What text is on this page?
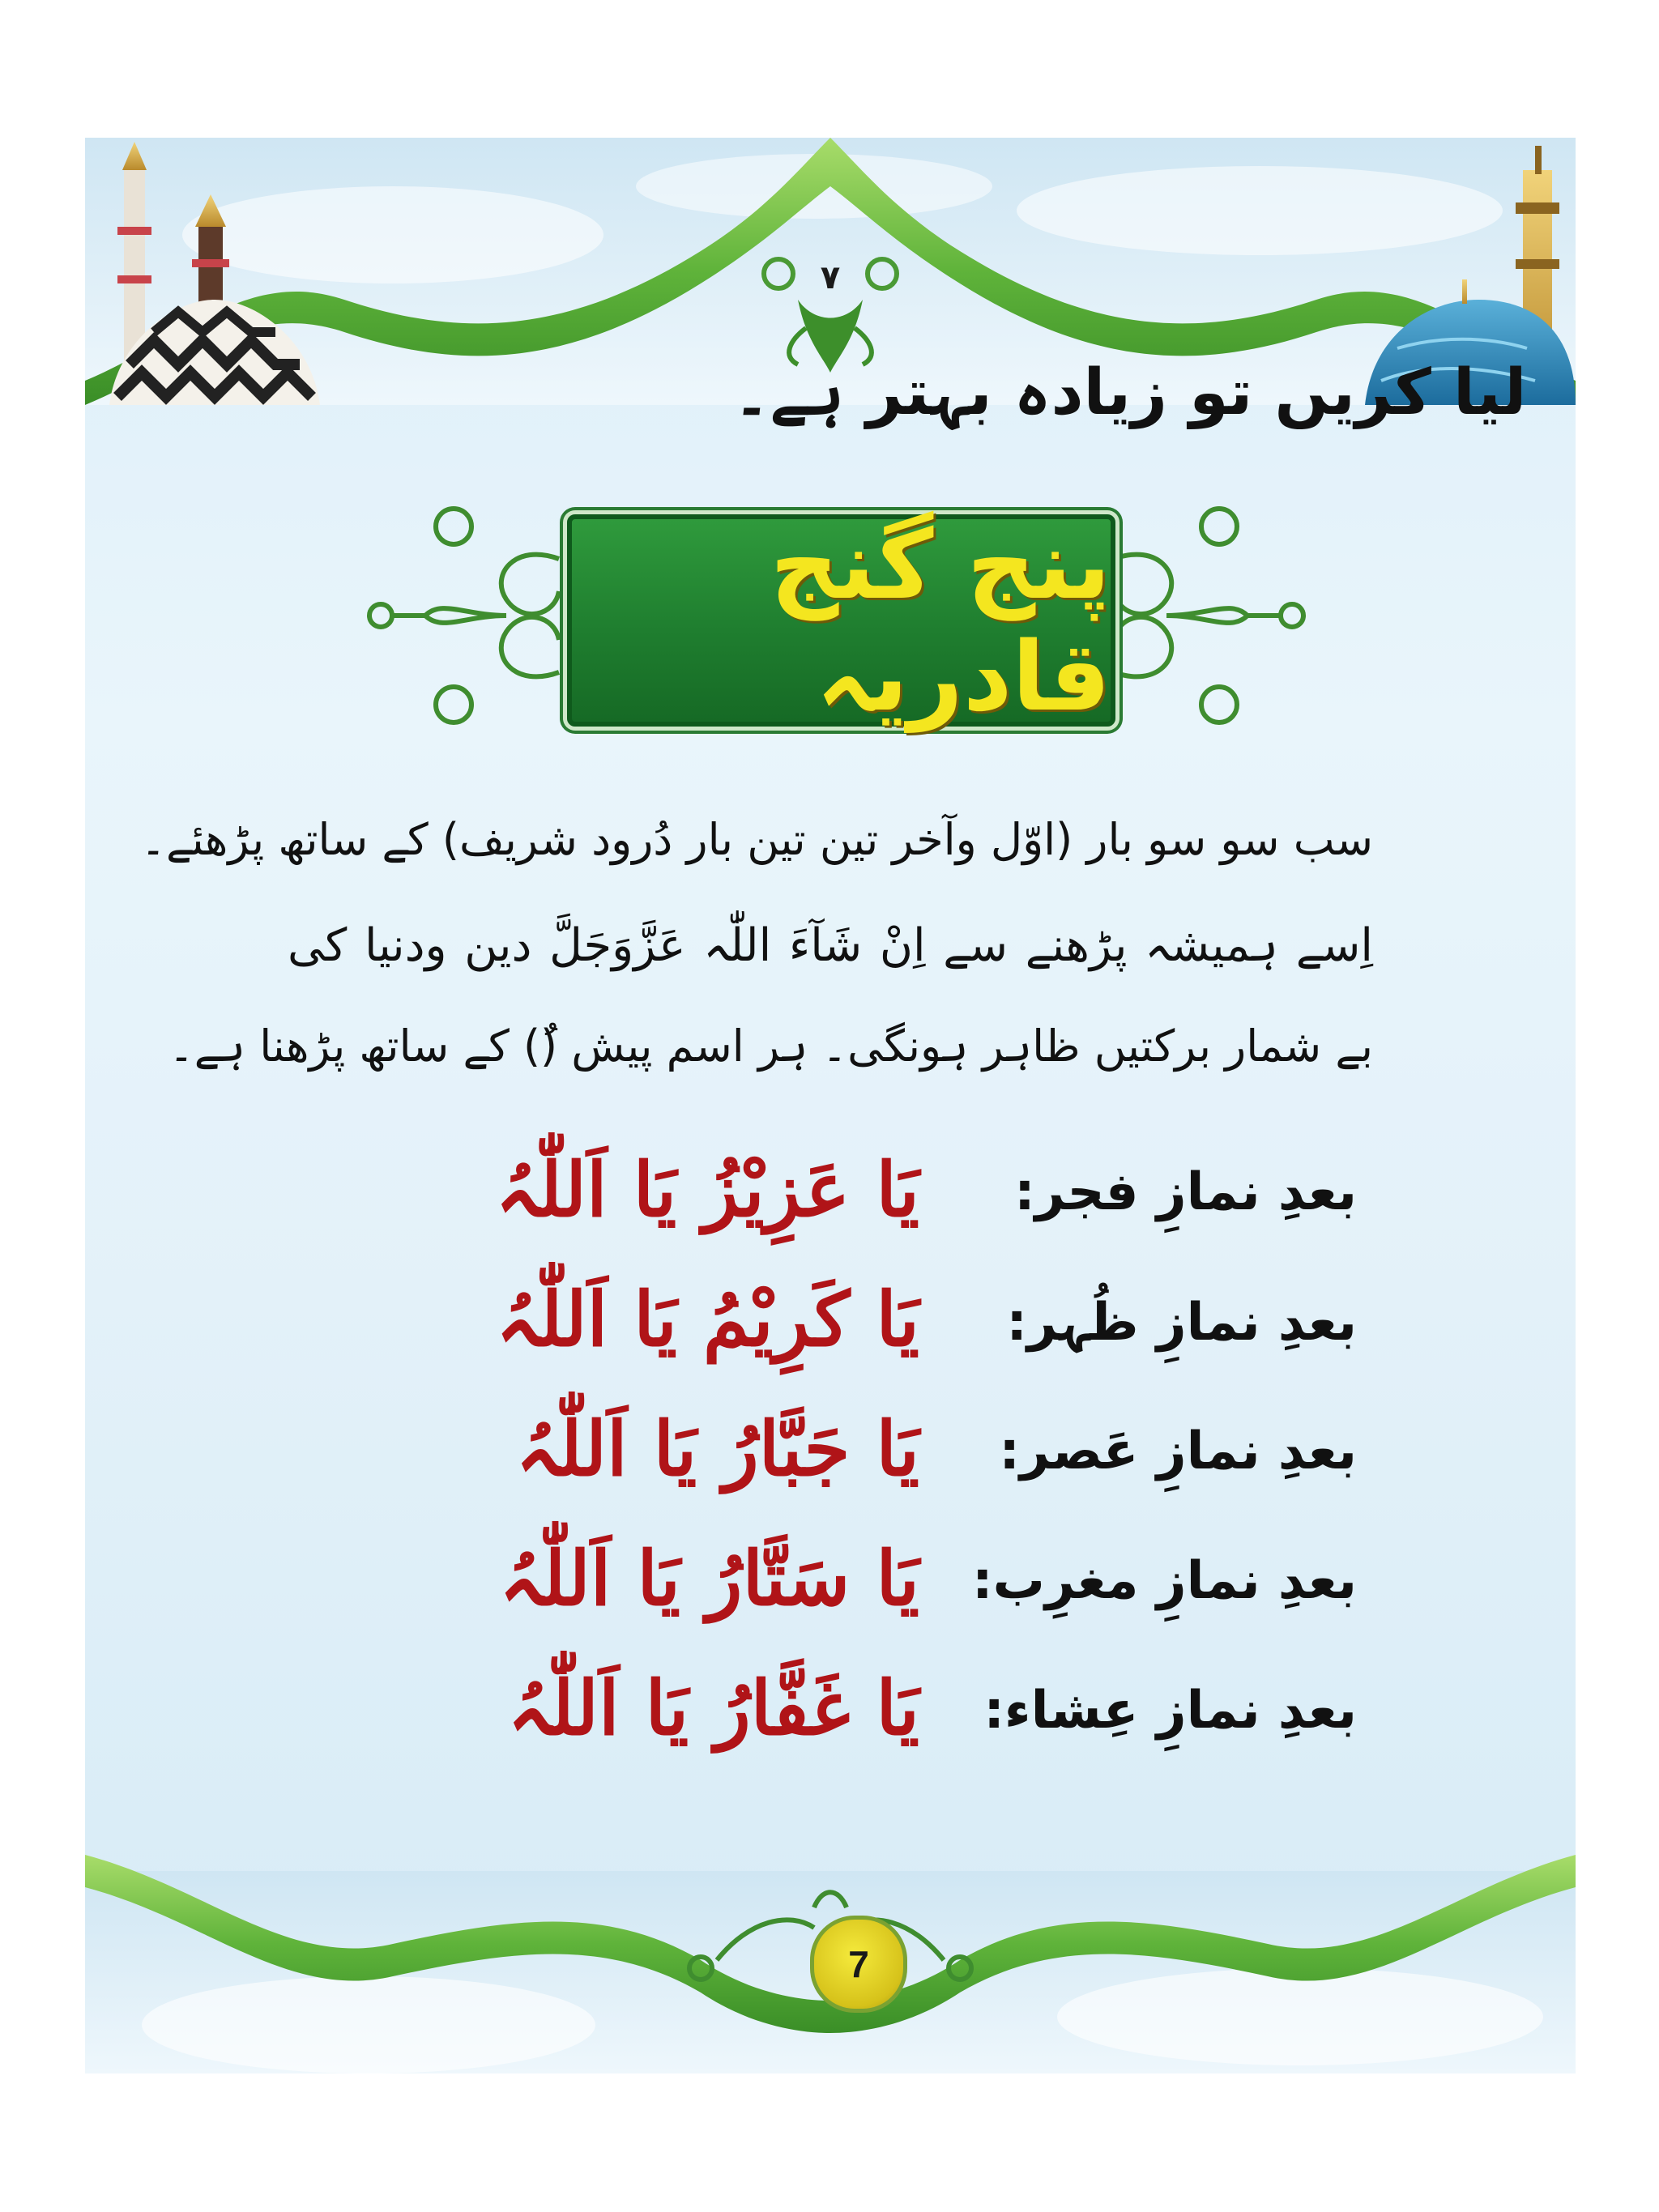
۷
لیا کریں تو زیادہ بہتر ہے۔
پنج گنج قادریہ
سب سو سو بار (اوّل وآخر تین تین بار دُرود شریف) کے ساتھ پڑھئے۔
اِسے ہمیشہ پڑھنے سے اِنْ شَآءَ اللّٰہ عَزَّوَجَلَّ دین ودنیا کی
بے شمار برکتیں ظاہر ہونگی۔ ہر اسم پیش (ُ) کے ساتھ پڑھنا ہے۔
بعدِ نمازِ فجر:
یَا عَزِیْزُ یَا اَللّٰہُ
بعدِ نمازِ ظُہر:
یَا کَرِیْمُ یَا اَللّٰہُ
بعدِ نمازِ عَصر:
یَا جَبَّارُ یَا اَللّٰہُ
بعدِ نمازِ مغرِب:
یَا سَتَّارُ یَا اَللّٰہُ
بعدِ نمازِ عِشاء:
یَا غَفَّارُ یَا اَللّٰہُ
7
